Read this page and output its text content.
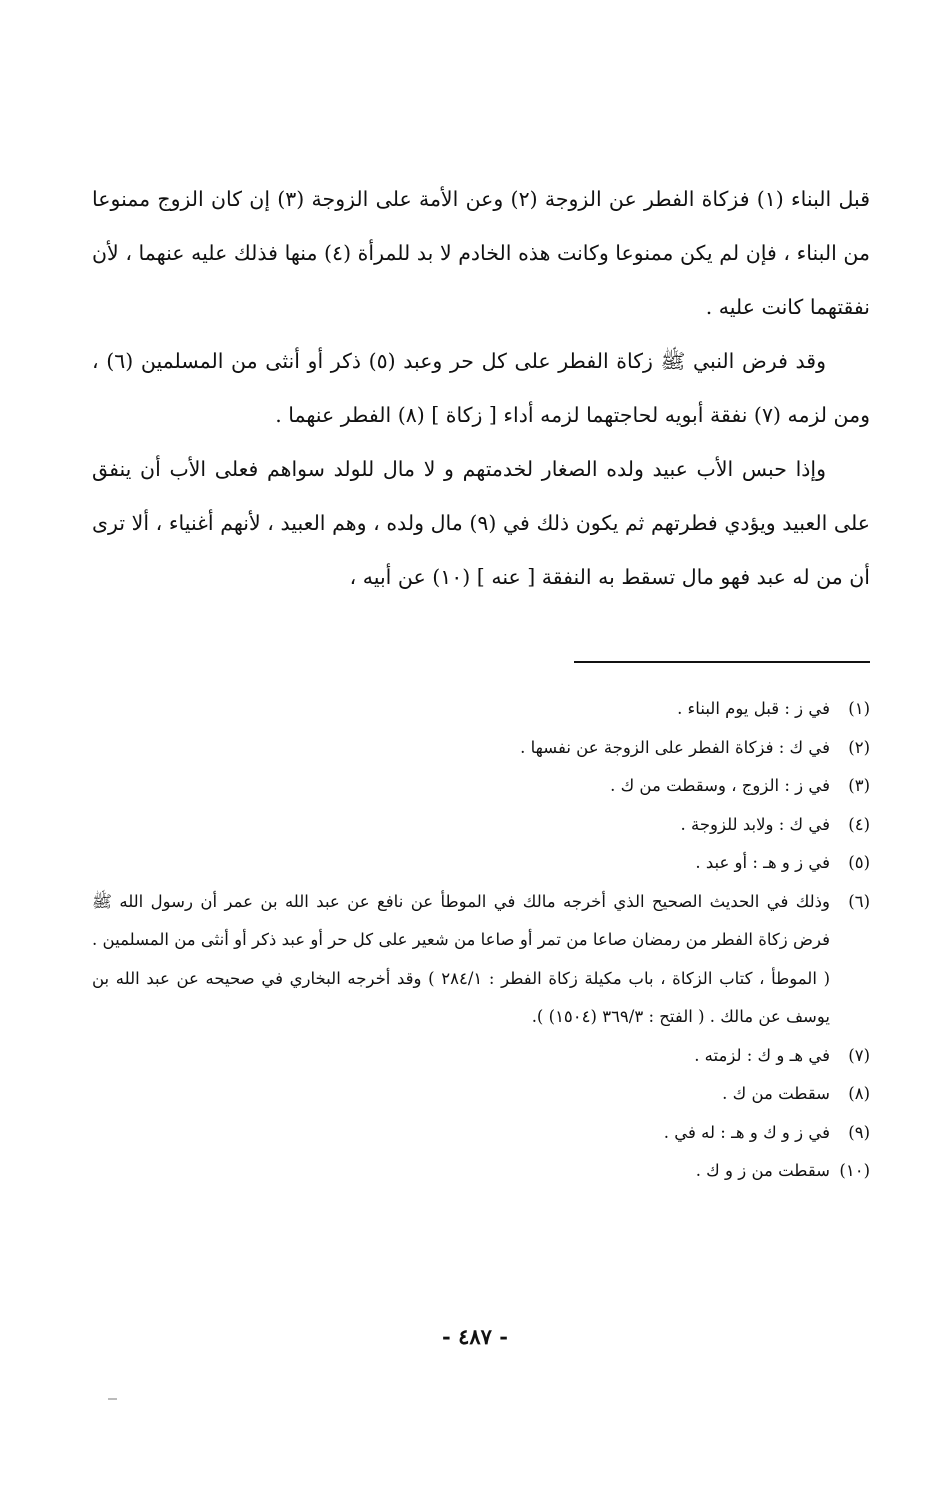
قبل البناء (١) فزكاة الفطر عن الزوجة (٢) وعن الأمة على الزوجة (٣) إن كان الزوج ممنوعا من البناء ، فإن لم يكن ممنوعا وكانت هذه الخادم لا بد للمرأة (٤) منها فذلك عليه عنهما ، لأن نفقتهما كانت عليه .

وقد فرض النبي ﷺ زكاة الفطر على كل حر وعبد (٥) ذكر أو أنثى من المسلمين (٦) ، ومن لزمه (٧) نفقة أبويه لحاجتهما لزمه أداء [ زكاة ] (٨) الفطر عنهما .

وإذا حبس الأب عبيد ولده الصغار لخدمتهم و لا مال للولد سواهم فعلى الأب أن ينفق على العبيد ويؤدي فطرتهم ثم يكون ذلك في (٩) مال ولده ، وهم العبيد ، لأنهم أغنياء ، ألا ترى أن من له عبد فهو مال تسقط به النفقة [ عنه ] (١٠) عن أبيه ،

(١)
في ز : قبل يوم البناء .
(٢)
في ك : فزكاة الفطر على الزوجة عن نفسها .
(٣)
في ز : الزوج ، وسقطت من ك .
(٤)
في ك : ولابد للزوجة .
(٥)
في ز و هـ : أو عبد .
(٦)
وذلك في الحديث الصحيح الذي أخرجه مالك في الموطأ عن نافع عن عبد الله بن عمر أن رسول الله ﷺ فرض زكاة الفطر من رمضان صاعا من تمر أو صاعا من شعير على كل حر أو عبد ذكر أو أنثى من المسلمين . ( الموطأ ، كتاب الزكاة ، باب مكيلة زكاة الفطر : ٢٨٤/١ ) وقد أخرجه البخاري في صحيحه عن عبد الله بن يوسف عن مالك . ( الفتح : ٣٦٩/٣ (١٥٠٤) ).
(٧)
في هـ و ك : لزمته .
(٨)
سقطت من ك .
(٩)
في ز و ك و هـ : له في .
(١٠)
سقطت من ز و ك .
- ٤٨٧ -
